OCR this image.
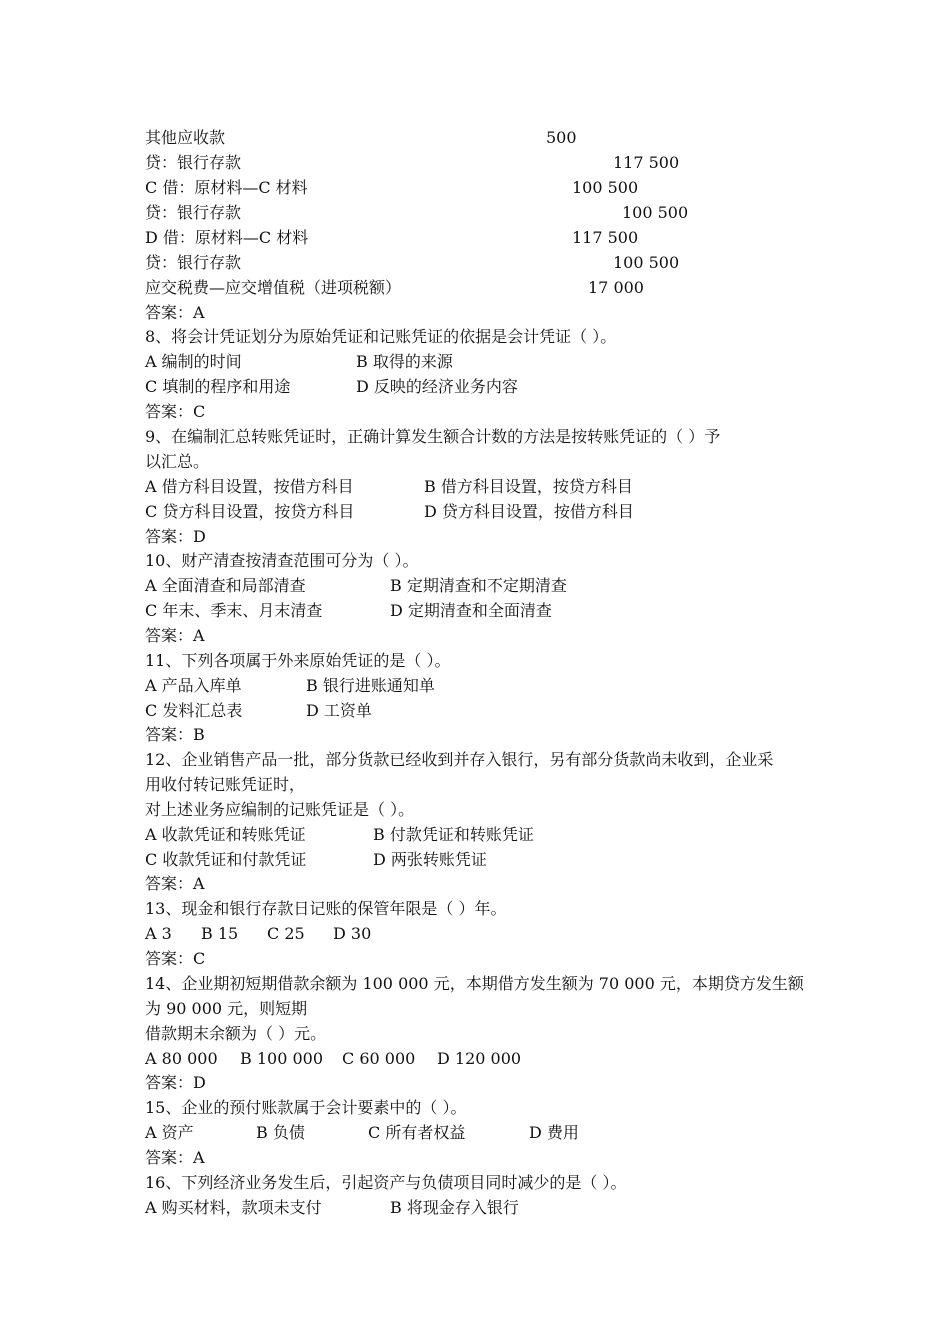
其他应收款	500
贷：银行存款	117 500
C 借：原材料—C 材料	100 500
贷：银行存款	100 500
D 借：原材料—C 材料	117 500
贷：银行存款	100 500
应交税费—应交增值税（进项税额）	17 000
答案：A
8、将会计凭证划分为原始凭证和记账凭证的依据是会计凭证（ ）。
A 编制的时间	B 取得的来源
C 填制的程序和用途	D 反映的经济业务内容
答案：C
9、在编制汇总转账凭证时，正确计算发生额合计数的方法是按转账凭证的（ ）予
以汇总。
A 借方科目设置，按借方科目	B 借方科目设置，按贷方科目
C 贷方科目设置，按贷方科目	D 贷方科目设置，按借方科目
答案：D
10、财产清查按清查范围可分为（ ）。
A 全面清查和局部清查	B 定期清查和不定期清查
C 年末、季末、月末清查	D 定期清查和全面清查
答案：A
11、下列各项属于外来原始凭证的是（ ）。
A 产品入库单	B 银行进账通知单
C 发料汇总表	D 工资单
答案：B
12、企业销售产品一批，部分货款已经收到并存入银行，另有部分货款尚未收到，企业采
用收付转记账凭证时，
对上述业务应编制的记账凭证是（ ）。
A 收款凭证和转账凭证	B 付款凭证和转账凭证
C 收款凭证和付款凭证	D 两张转账凭证
答案：A
13、现金和银行存款日记账的保管年限是（ ）年。
A 3 B 15 C 25 D 30
答案：C
14、企业期初短期借款余额为 100 000 元，本期借方发生额为 70 000 元，本期贷方发生额
为 90 000 元，则短期
借款期末余额为（ ）元。
A 80 000 B 100 000 C 60 000 D 120 000
答案：D
15、企业的预付账款属于会计要素中的（ ）。
A 资产	B 负债	C 所有者权益	D 费用
答案：A
16、下列经济业务发生后，引起资产与负债项目同时减少的是（ ）。
A 购买材料，款项未支付	B 将现金存入银行
